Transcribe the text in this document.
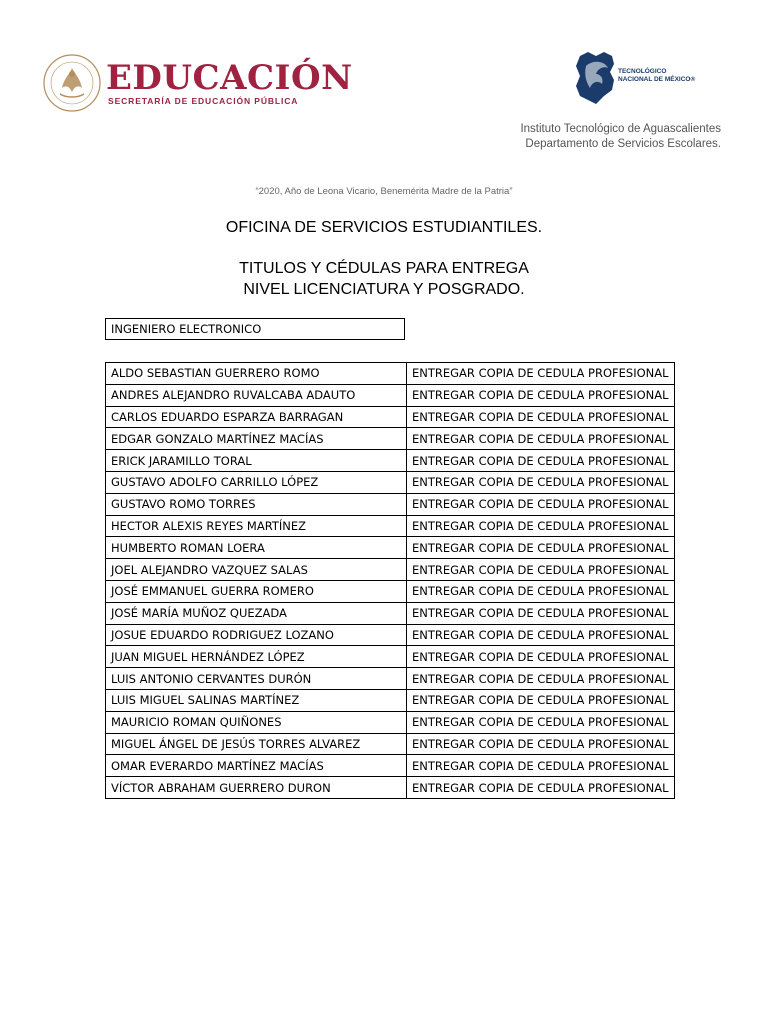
EDUCACIÓN
SECRETARÍA DE EDUCACIÓN PÚBLICA
TECNOLÓGICO
NACIONAL DE MÉXICO®
Instituto Tecnológico de Aguascalientes
Departamento de Servicios Escolares.
“2020, Año de Leona Vicario, Benemérita Madre de la Patria”
OFICINA DE SERVICIOS ESTUDIANTILES.
TITULOS Y CÉDULAS PARA ENTREGA
NIVEL LICENCIATURA Y POSGRADO.
INGENIERO ELECTRONICO
ALDO SEBASTIAN GUERRERO ROMO	ENTREGAR COPIA DE CEDULA PROFESIONAL
ANDRES ALEJANDRO RUVALCABA ADAUTO	ENTREGAR COPIA DE CEDULA PROFESIONAL
CARLOS EDUARDO ESPARZA BARRAGAN	ENTREGAR COPIA DE CEDULA PROFESIONAL
EDGAR GONZALO MARTÍNEZ MACÍAS	ENTREGAR COPIA DE CEDULA PROFESIONAL
ERICK JARAMILLO TORAL	ENTREGAR COPIA DE CEDULA PROFESIONAL
GUSTAVO ADOLFO CARRILLO LÓPEZ	ENTREGAR COPIA DE CEDULA PROFESIONAL
GUSTAVO ROMO TORRES	ENTREGAR COPIA DE CEDULA PROFESIONAL
HECTOR ALEXIS REYES MARTÍNEZ	ENTREGAR COPIA DE CEDULA PROFESIONAL
HUMBERTO ROMAN LOERA	ENTREGAR COPIA DE CEDULA PROFESIONAL
JOEL ALEJANDRO VAZQUEZ SALAS	ENTREGAR COPIA DE CEDULA PROFESIONAL
JOSÉ EMMANUEL GUERRA ROMERO	ENTREGAR COPIA DE CEDULA PROFESIONAL
JOSÉ MARÍA MUÑOZ QUEZADA	ENTREGAR COPIA DE CEDULA PROFESIONAL
JOSUE EDUARDO RODRIGUEZ LOZANO	ENTREGAR COPIA DE CEDULA PROFESIONAL
JUAN MIGUEL HERNÁNDEZ LÓPEZ	ENTREGAR COPIA DE CEDULA PROFESIONAL
LUIS ANTONIO CERVANTES DURÓN	ENTREGAR COPIA DE CEDULA PROFESIONAL
LUIS MIGUEL SALINAS MARTÍNEZ	ENTREGAR COPIA DE CEDULA PROFESIONAL
MAURICIO ROMAN QUIÑONES	ENTREGAR COPIA DE CEDULA PROFESIONAL
MIGUEL ÁNGEL DE JESÚS TORRES ALVAREZ	ENTREGAR COPIA DE CEDULA PROFESIONAL
OMAR EVERARDO MARTÍNEZ MACÍAS	ENTREGAR COPIA DE CEDULA PROFESIONAL
VÍCTOR ABRAHAM GUERRERO DURON	ENTREGAR COPIA DE CEDULA PROFESIONAL
